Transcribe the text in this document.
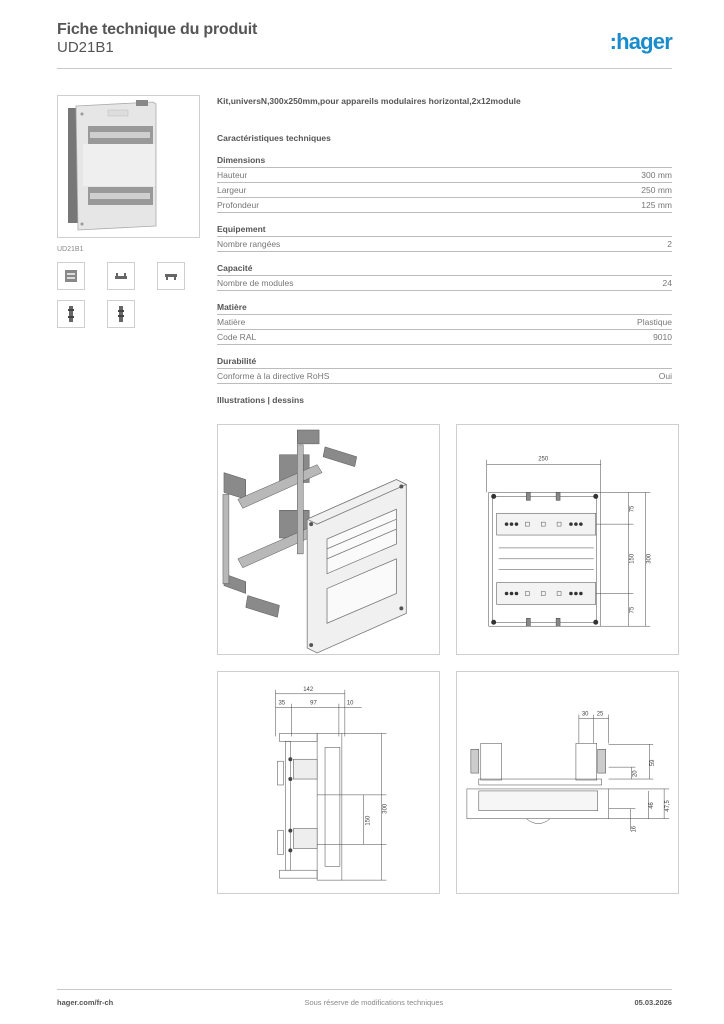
Fiche technique du produit
UD21B1	:hager
UD21B1
Kit,universN,300x250mm,pour appareils modulaires horizontal,2x12module
Caractéristiques techniques
Dimensions
Hauteur	300 mm
Largeur	250 mm
Profondeur	125 mm
Equipement
Nombre rangées	2
Capacité
Nombre de modules	24
Matière
Matière	Plastique
Code RAL	9010
Durabilité
Conforme à la directive RoHS	Oui
Illustrations | dessins
250
75
150
75
300
142
35	97	10
150
300
30 25
59
20
46 47,5
16
hager.com/fr-ch	Sous réserve de modifications techniques	05.03.2026
